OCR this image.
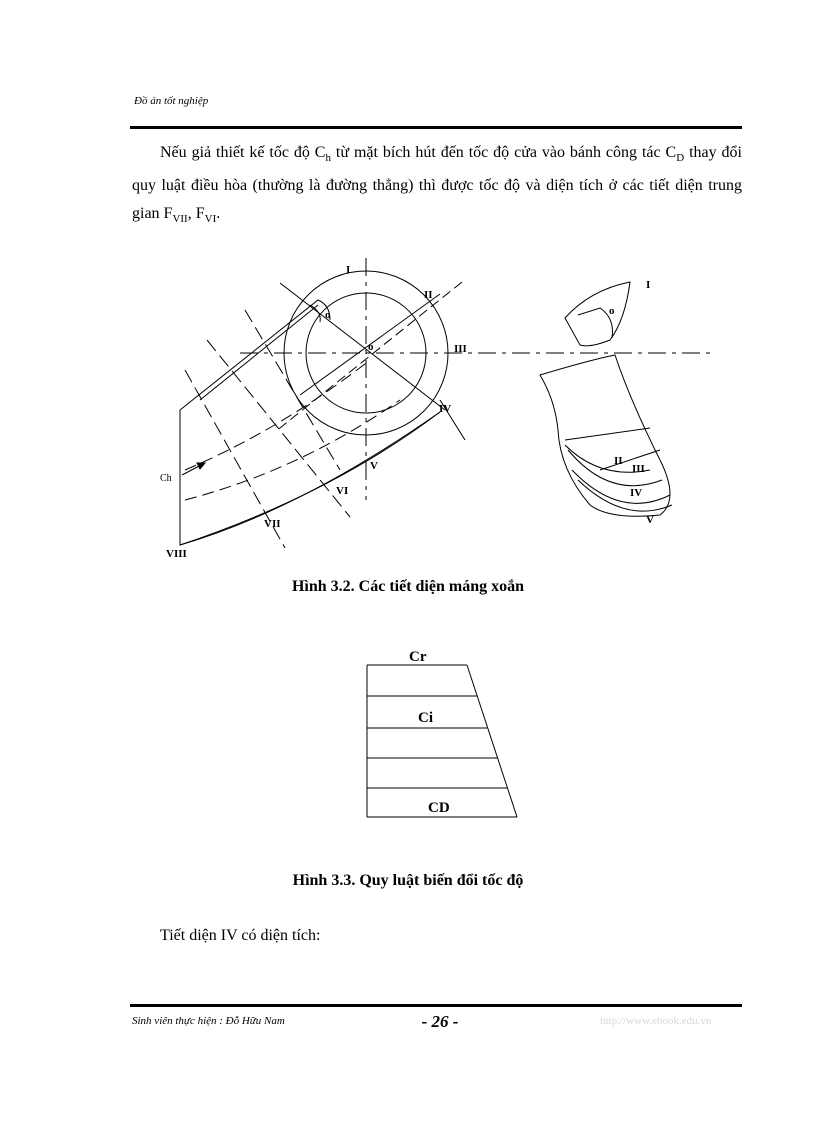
Đồ án tốt nghiệp

Nếu giả thiết kế tốc độ $C_h$ từ mặt bích hút đến tốc độ cửa vào bánh công tác $C_D$ thay đổi quy luật điều hòa (thường là đường thẳng) thì được tốc độ và diện tích ở các tiết diện trung gian $F_{VII}$, $F_{VI}$.

I
II
III
IV
V
VI
VII
VIII
o
o
Ch
I
o
II
III
IV
V
Hình 3.2. Các tiết diện máng xoắn
Cr
Ci
CD
Hình 3.3. Quy luật biến đổi tốc độ

Tiết diện IV có diện tích:

Sinh viên thực hiện : Đỗ Hữu Nam	- 26 -	http://www.ebook.edu.vn
